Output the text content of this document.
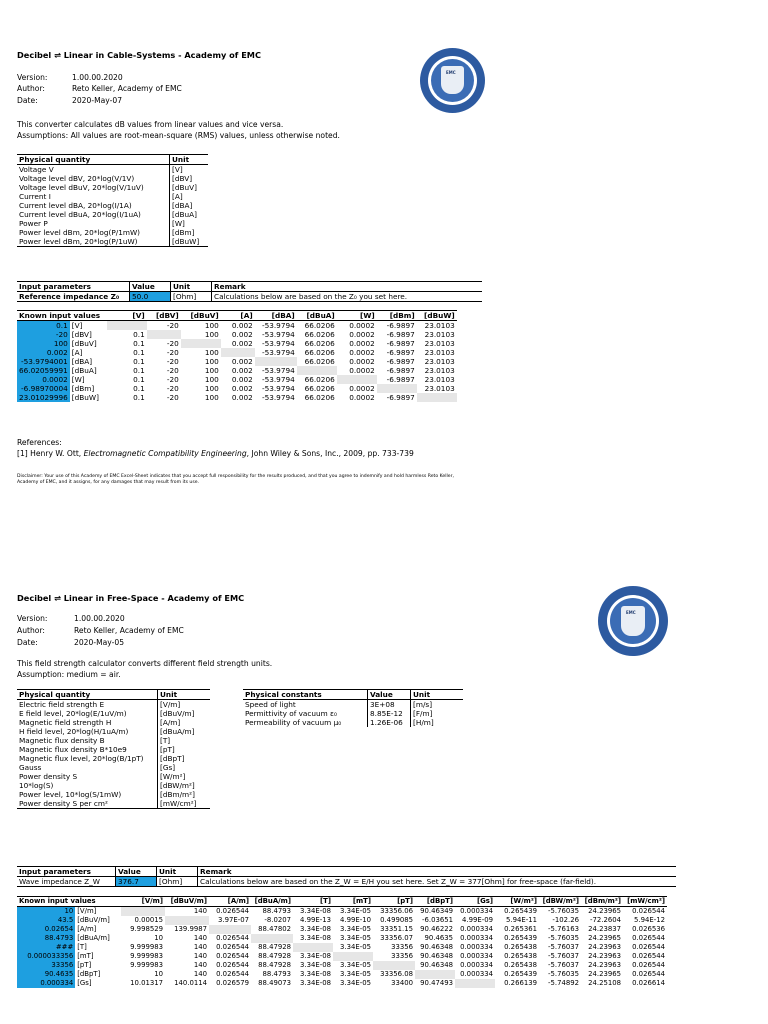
Decibel ⇌ Linear in Cable-Systems - Academy of EMC
Version:	1.00.00.2020
Author:	Reto Keller, Academy of EMC
Date:	2020-May-07
This converter calculates dB values from linear values and vice versa.
Assumptions: All values are root-mean-square (RMS) values, unless otherwise noted.
EMC
Physical quantity	Unit
Voltage V	[V]
Voltage level dBV, 20*log(V/1V)	[dBV]
Voltage level dBuV, 20*log(V/1uV)	[dBuV]
Current I	[A]
Current level dBA, 20*log(I/1A)	[dBA]
Current level dBuA, 20*log(I/1uA)	[dBuA]
Power P	[W]
Power level dBm, 20*log(P/1mW)	[dBm]
Power level dBm, 20*log(P/1uW)	[dBuW]
Input parameters	Value	Unit	Remark
Reference impedance Z₀	50.0	[Ohm]	Calculations below are based on the Z₀ you set here.
Known input values		[V]	[dBV]	[dBuV]	[A]	[dBA]	[dBuA]	[W]	[dBm]	[dBuW]
0.1	[V]		-20	100	0.002	-53.9794	66.0206	0.0002	-6.9897	23.0103
-20	[dBV]	0.1		100	0.002	-53.9794	66.0206	0.0002	-6.9897	23.0103
100	[dBuV]	0.1	-20		0.002	-53.9794	66.0206	0.0002	-6.9897	23.0103
0.002	[A]	0.1	-20	100		-53.9794	66.0206	0.0002	-6.9897	23.0103
-53.9794001	[dBA]	0.1	-20	100	0.002		66.0206	0.0002	-6.9897	23.0103
66.02059991	[dBuA]	0.1	-20	100	0.002	-53.9794		0.0002	-6.9897	23.0103
0.0002	[W]	0.1	-20	100	0.002	-53.9794	66.0206		-6.9897	23.0103
-6.98970004	[dBm]	0.1	-20	100	0.002	-53.9794	66.0206	0.0002		23.0103
23.01029996	[dBuW]	0.1	-20	100	0.002	-53.9794	66.0206	0.0002	-6.9897	
References:
[1] Henry W. Ott, Electromagnetic Compatibility Engineering, John Wiley & Sons, Inc., 2009, pp. 733-739
Disclaimer: Your use of this Academy of EMC Excel-Sheet indicates that you accept full responsibility for the results produced, and that you agree to indemnify and hold harmless Reto Keller, Academy of EMC, and it assigns, for any damages that may result from its use.
Decibel ⇌ Linear in Free-Space - Academy of EMC
Version:	1.00.00.2020
Author:	Reto Keller, Academy of EMC
Date:	2020-May-05
This field strength calculator converts different field strength units.
Assumption: medium = air.
EMC
Physical quantity	Unit
Electric field strength E	[V/m]
E field level, 20*log(E/1uV/m)	[dBuV/m]
Magnetic field strength H	[A/m]
H field level, 20*log(H/1uA/m)	[dBuA/m]
Magnetic flux density B	[T]
Magnetic flux density B*10e9	[pT]
Magnetic flux level, 20*log(B/1pT)	[dBpT]
Gauss	[Gs]
Power density S	[W/m²]
10*log(S)	[dBW/m²]
Power level, 10*log(S/1mW)	[dBm/m²]
Power density S per cm²	[mW/cm²]
Physical constants	Value	Unit
Speed of light	3E+08	[m/s]
Permittivity of vacuum ε₀	8.85E-12	[F/m]
Permeability of vacuum μ₀	1.26E-06	[H/m]
Input parameters	Value	Unit	Remark
Wave impedance Z_W	376.7	[Ohm]	Calculations below are based on the Z_W = E/H you set here. Set Z_W = 377[Ohm] for free-space (far-field).
Known input values		[V/m]	[dBuV/m]	[A/m]	[dBuA/m]	[T]	[mT]	[pT]	[dBpT]	[Gs]	[W/m²]	[dBW/m²]	[dBm/m²]	[mW/cm²]
10	[V/m]		140	0.026544	88.4793	3.34E-08	3.34E-05	33356.06	90.46349	0.000334	0.265439	-5.76035	24.23965	0.026544
43.5	[dBuV/m]	0.00015		3.97E-07	-8.0207	4.99E-13	4.99E-10	0.499085	-6.03651	4.99E-09	5.94E-11	-102.26	-72.2604	5.94E-12
0.02654	[A/m]	9.998529	139.9987		88.47802	3.34E-08	3.34E-05	33351.15	90.46222	0.000334	0.265361	-5.76163	24.23837	0.026536
88.4793	[dBuA/m]	10	140	0.026544		3.34E-08	3.34E-05	33356.07	90.4635	0.000334	0.265439	-5.76035	24.23965	0.026544
###	[T]	9.999983	140	0.026544	88.47928		3.34E-05	33356	90.46348	0.000334	0.265438	-5.76037	24.23963	0.026544
0.000033356	[mT]	9.999983	140	0.026544	88.47928	3.34E-08		33356	90.46348	0.000334	0.265438	-5.76037	24.23963	0.026544
33356	[pT]	9.999983	140	0.026544	88.47928	3.34E-08	3.34E-05		90.46348	0.000334	0.265438	-5.76037	24.23963	0.026544
90.4635	[dBpT]	10	140	0.026544	88.4793	3.34E-08	3.34E-05	33356.08		0.000334	0.265439	-5.76035	24.23965	0.026544
0.000334	[Gs]	10.01317	140.0114	0.026579	88.49073	3.34E-08	3.34E-05	33400	90.47493		0.266139	-5.74892	24.25108	0.026614
